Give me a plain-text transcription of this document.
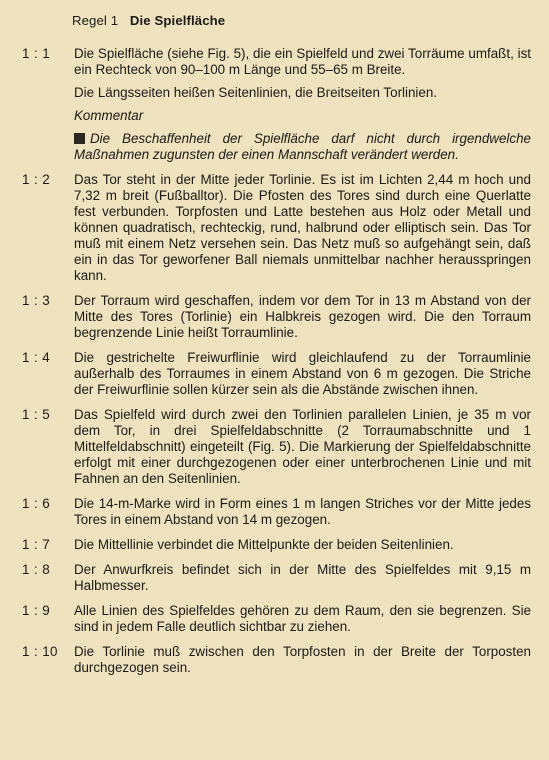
Regel 1 Die Spielfläche
1 : 1	Die Spielfläche (siehe Fig. 5), die ein Spielfeld und zwei Torräume umfaßt, ist ein Rechteck von 90–100 m Länge und 55–65 m Breite.

Die Längsseiten heißen Seitenlinien, die Breitseiten Torlinien.

Kommentar

Die Beschaffenheit der Spielfläche darf nicht durch irgendwelche Maßnahmen zugunsten der einen Mannschaft verändert werden.

1 : 2	Das Tor steht in der Mitte jeder Torlinie. Es ist im Lichten 2,44 m hoch und 7,32 m breit (Fußballtor). Die Pfosten des Tores sind durch eine Querlatte fest verbunden. Torpfosten und Latte bestehen aus Holz oder Metall und können quadratisch, rechteckig, rund, halbrund oder elliptisch sein. Das Tor muß mit einem Netz versehen sein. Das Netz muß so aufgehängt sein, daß ein in das Tor geworfener Ball niemals unmittelbar nachher herausspringen kann.

1 : 3	Der Torraum wird geschaffen, indem vor dem Tor in 13 m Abstand von der Mitte des Tores (Torlinie) ein Halbkreis gezogen wird. Die den Torraum begrenzende Linie heißt Torraumlinie.

1 : 4	Die gestrichelte Freiwurflinie wird gleichlaufend zu der Torraumlinie außerhalb des Torraumes in einem Abstand von 6 m gezogen. Die Striche der Freiwurflinie sollen kürzer sein als die Abstände zwischen ihnen.

1 : 5	Das Spielfeld wird durch zwei den Torlinien parallelen Linien, je 35 m vor dem Tor, in drei Spielfeldabschnitte (2 Torraumabschnitte und 1 Mittelfeldabschnitt) eingeteilt (Fig. 5). Die Markierung der Spielfeldabschnitte erfolgt mit einer durchgezogenen oder einer unterbrochenen Linie und mit Fahnen an den Seitenlinien.

1 : 6	Die 14-m-Marke wird in Form eines 1 m langen Striches vor der Mitte jedes Tores in einem Abstand von 14 m gezogen.

1 : 7	Die Mittellinie verbindet die Mittelpunkte der beiden Seitenlinien.

1 : 8	Der Anwurfkreis befindet sich in der Mitte des Spielfeldes mit 9,15 m Halbmesser.

1 : 9	Alle Linien des Spielfeldes gehören zu dem Raum, den sie begrenzen. Sie sind in jedem Falle deutlich sichtbar zu ziehen.

1 : 10	Die Torlinie muß zwischen den Torpfosten in der Breite der Torposten durchgezogen sein.
